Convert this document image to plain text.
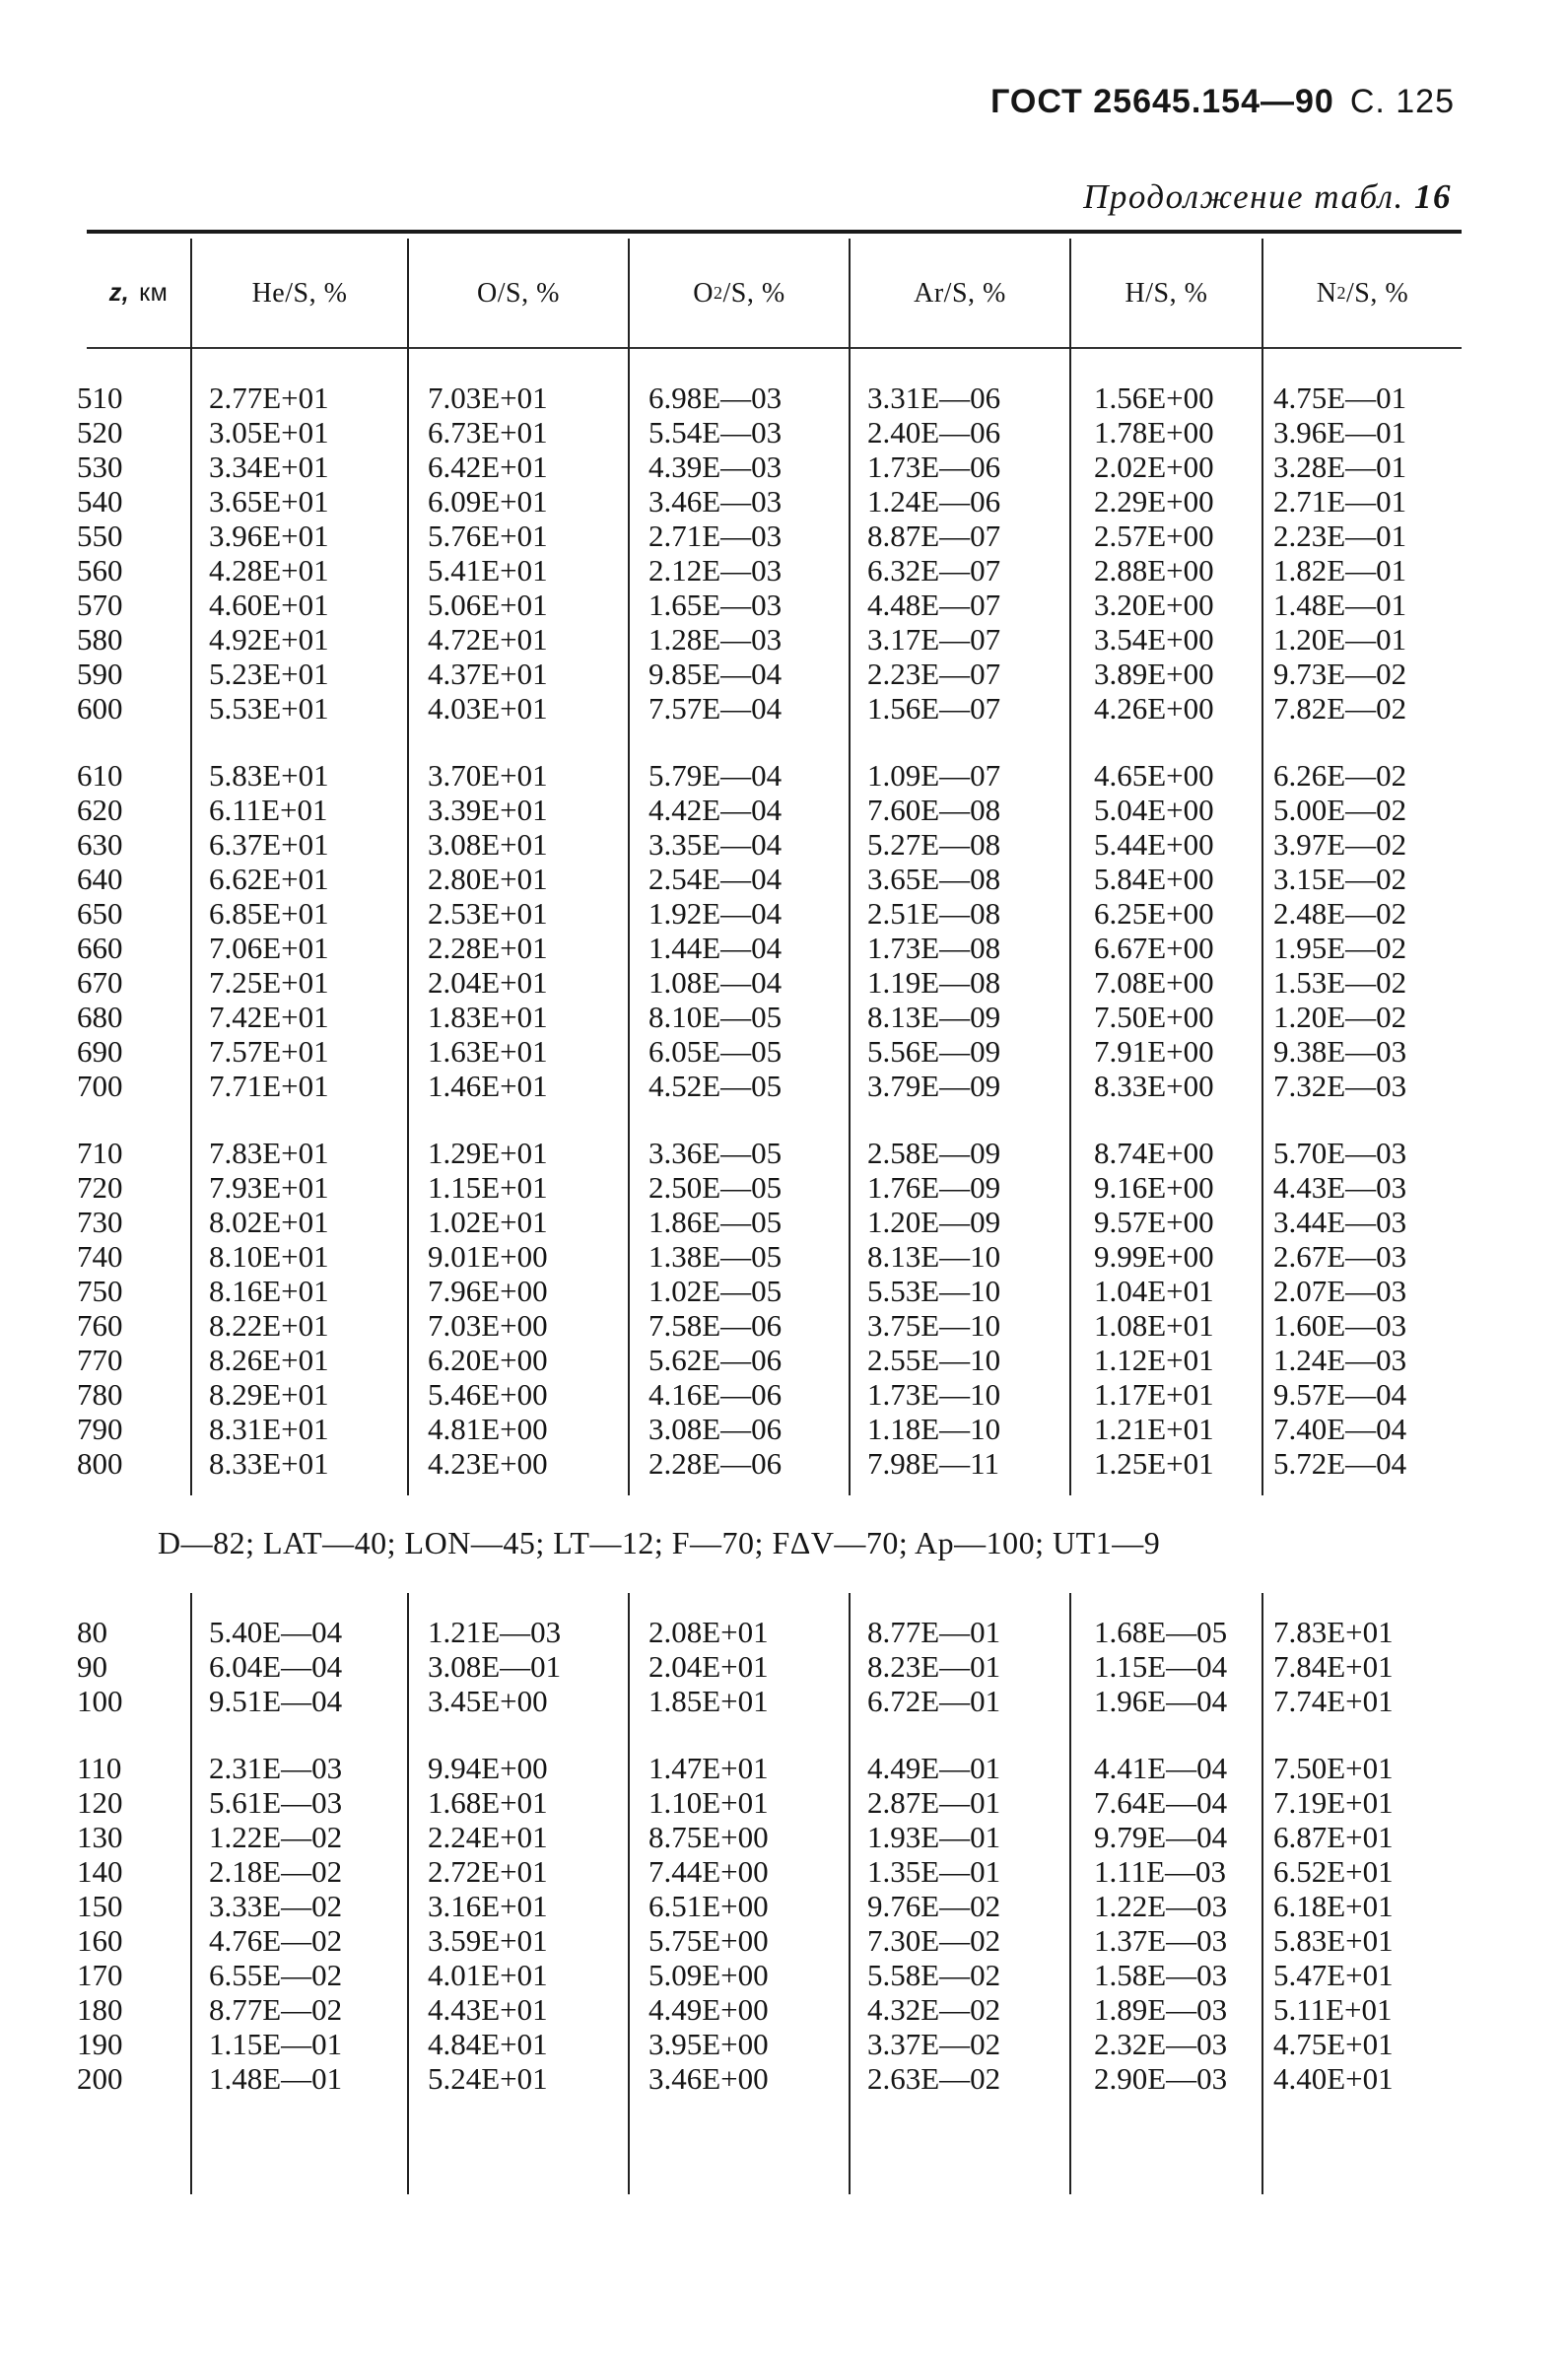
ГОСТ 25645.154—90 С. 125
Продолжение табл. 16
z, км	He/S, %	O/S, %	O 2 /S, %	Ar/S, %	H/S, %	N 2 /S, %
510	2.77E+01	7.03E+01	6.98E—03	3.31E—06	1.56E+00 4.75E—01
520	3.05E+01	6.73E+01	5.54E—03	2.40E—06	1.78E+00 3.96E—01
530	3.34E+01	6.42E+01	4.39E—03	1.73E—06	2.02E+00 3.28E—01
540	3.65E+01	6.09E+01	3.46E—03	1.24E—06	2.29E+00 2.71E—01
550	3.96E+01	5.76E+01	2.71E—03	8.87E—07	2.57E+00 2.23E—01
560	4.28E+01	5.41E+01	2.12E—03	6.32E—07	2.88E+00 1.82E—01
570	4.60E+01	5.06E+01	1.65E—03	4.48E—07	3.20E+00 1.48E—01
580	4.92E+01	4.72E+01	1.28E—03	3.17E—07	3.54E+00 1.20E—01
590	5.23E+01	4.37E+01	9.85E—04	2.23E—07	3.89E+00 9.73E—02
600	5.53E+01	4.03E+01	7.57E—04	1.56E—07	4.26E+00 7.82E—02
610	5.83E+01	3.70E+01	5.79E—04	1.09E—07	4.65E+00 6.26E—02
620	6.11E+01	3.39E+01	4.42E—04	7.60E—08	5.04E+00 5.00E—02
630	6.37E+01	3.08E+01	3.35E—04	5.27E—08	5.44E+00 3.97E—02
640	6.62E+01	2.80E+01	2.54E—04	3.65E—08	5.84E+00 3.15E—02
650	6.85E+01	2.53E+01	1.92E—04	2.51E—08	6.25E+00 2.48E—02
660	7.06E+01	2.28E+01	1.44E—04	1.73E—08	6.67E+00 1.95E—02
670	7.25E+01	2.04E+01	1.08E—04	1.19E—08	7.08E+00 1.53E—02
680	7.42E+01	1.83E+01	8.10E—05	8.13E—09	7.50E+00 1.20E—02
690	7.57E+01	1.63E+01	6.05E—05	5.56E—09	7.91E+00 9.38E—03
700	7.71E+01	1.46E+01	4.52E—05	3.79E—09	8.33E+00 7.32E—03
710	7.83E+01	1.29E+01	3.36E—05	2.58E—09	8.74E+00 5.70E—03
720	7.93E+01	1.15E+01	2.50E—05	1.76E—09	9.16E+00 4.43E—03
730	8.02E+01	1.02E+01	1.86E—05	1.20E—09	9.57E+00 3.44E—03
740	8.10E+01	9.01E+00	1.38E—05	8.13E—10	9.99E+00 2.67E—03
750	8.16E+01	7.96E+00	1.02E—05	5.53E—10	1.04E+01 2.07E—03
760	8.22E+01	7.03E+00	7.58E—06	3.75E—10	1.08E+01 1.60E—03
770	8.26E+01	6.20E+00	5.62E—06	2.55E—10	1.12E+01 1.24E—03
780	8.29E+01	5.46E+00	4.16E—06	1.73E—10	1.17E+01 9.57E—04
790	8.31E+01	4.81E+00	3.08E—06	1.18E—10	1.21E+01 7.40E—04
800	8.33E+01	4.23E+00	2.28E—06	7.98E—11	1.25E+01 5.72E—04
D—82; LAT—40; LON—45; LT—12; F—70; FΔV—70; Ap—100; UT1—9
80	5.40E—04	1.21E—03	2.08E+01	8.77E—01	1.68E—05 7.83E+01
90	6.04E—04	3.08E—01	2.04E+01	8.23E—01	1.15E—04 7.84E+01
100	9.51E—04	3.45E+00	1.85E+01	6.72E—01	1.96E—04 7.74E+01
110	2.31E—03	9.94E+00	1.47E+01	4.49E—01	4.41E—04 7.50E+01
120	5.61E—03	1.68E+01	1.10E+01	2.87E—01	7.64E—04 7.19E+01
130	1.22E—02	2.24E+01	8.75E+00	1.93E—01	9.79E—04 6.87E+01
140	2.18E—02	2.72E+01	7.44E+00	1.35E—01	1.11E—03 6.52E+01
150	3.33E—02	3.16E+01	6.51E+00	9.76E—02	1.22E—03 6.18E+01
160	4.76E—02	3.59E+01	5.75E+00	7.30E—02	1.37E—03 5.83E+01
170	6.55E—02	4.01E+01	5.09E+00	5.58E—02	1.58E—03 5.47E+01
180	8.77E—02	4.43E+01	4.49E+00	4.32E—02	1.89E—03 5.11E+01
190	1.15E—01	4.84E+01	3.95E+00	3.37E—02	2.32E—03 4.75E+01
200	1.48E—01	5.24E+01	3.46E+00	2.63E—02	2.90E—03 4.40E+01
